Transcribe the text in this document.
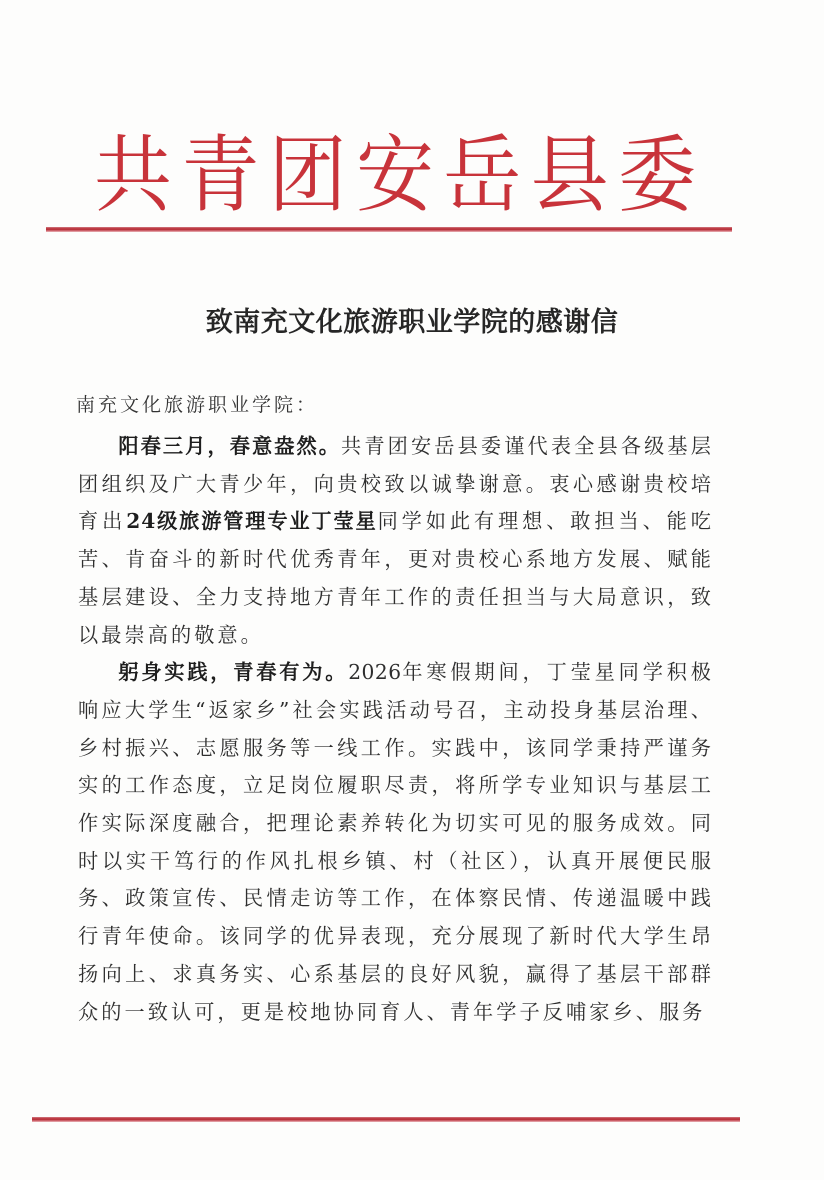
共 青 团 安 岳 县 委
致南充文化旅游职业学院的感谢信
南充文化旅游职业学院：

阳春三月，春意盎然。共青团安岳县委谨代表全县各级基层团组织及广大青少年，向贵校致以诚挚谢意。衷心感谢贵校培育出24级旅游管理专业丁莹星同学如此有理想、敢担当、能吃苦、肯奋斗的新时代优秀青年，更对贵校心系地方发展、赋能基层建设、全力支持地方青年工作的责任担当与大局意识，致以最崇高的敬意。

躬身实践，青春有为。2026年寒假期间，丁莹星同学积极响应大学生“返家乡”社会实践活动号召，主动投身基层治理、乡村振兴、志愿服务等一线工作。实践中，该同学秉持严谨务实的工作态度，立足岗位履职尽责，将所学专业知识与基层工作实际深度融合，把理论素养转化为切实可见的服务成效。同时以实干笃行的作风扎根乡镇、村（社区），认真开展便民服务、政策宣传、民情走访等工作，在体察民情、传递温暖中践行青年使命。该同学的优异表现，充分展现了新时代大学生昂扬向上、求真务实、心系基层的良好风貌，赢得了基层干部群众的一致认可，更是校地协同育人、青年学子反哺家乡、服务
